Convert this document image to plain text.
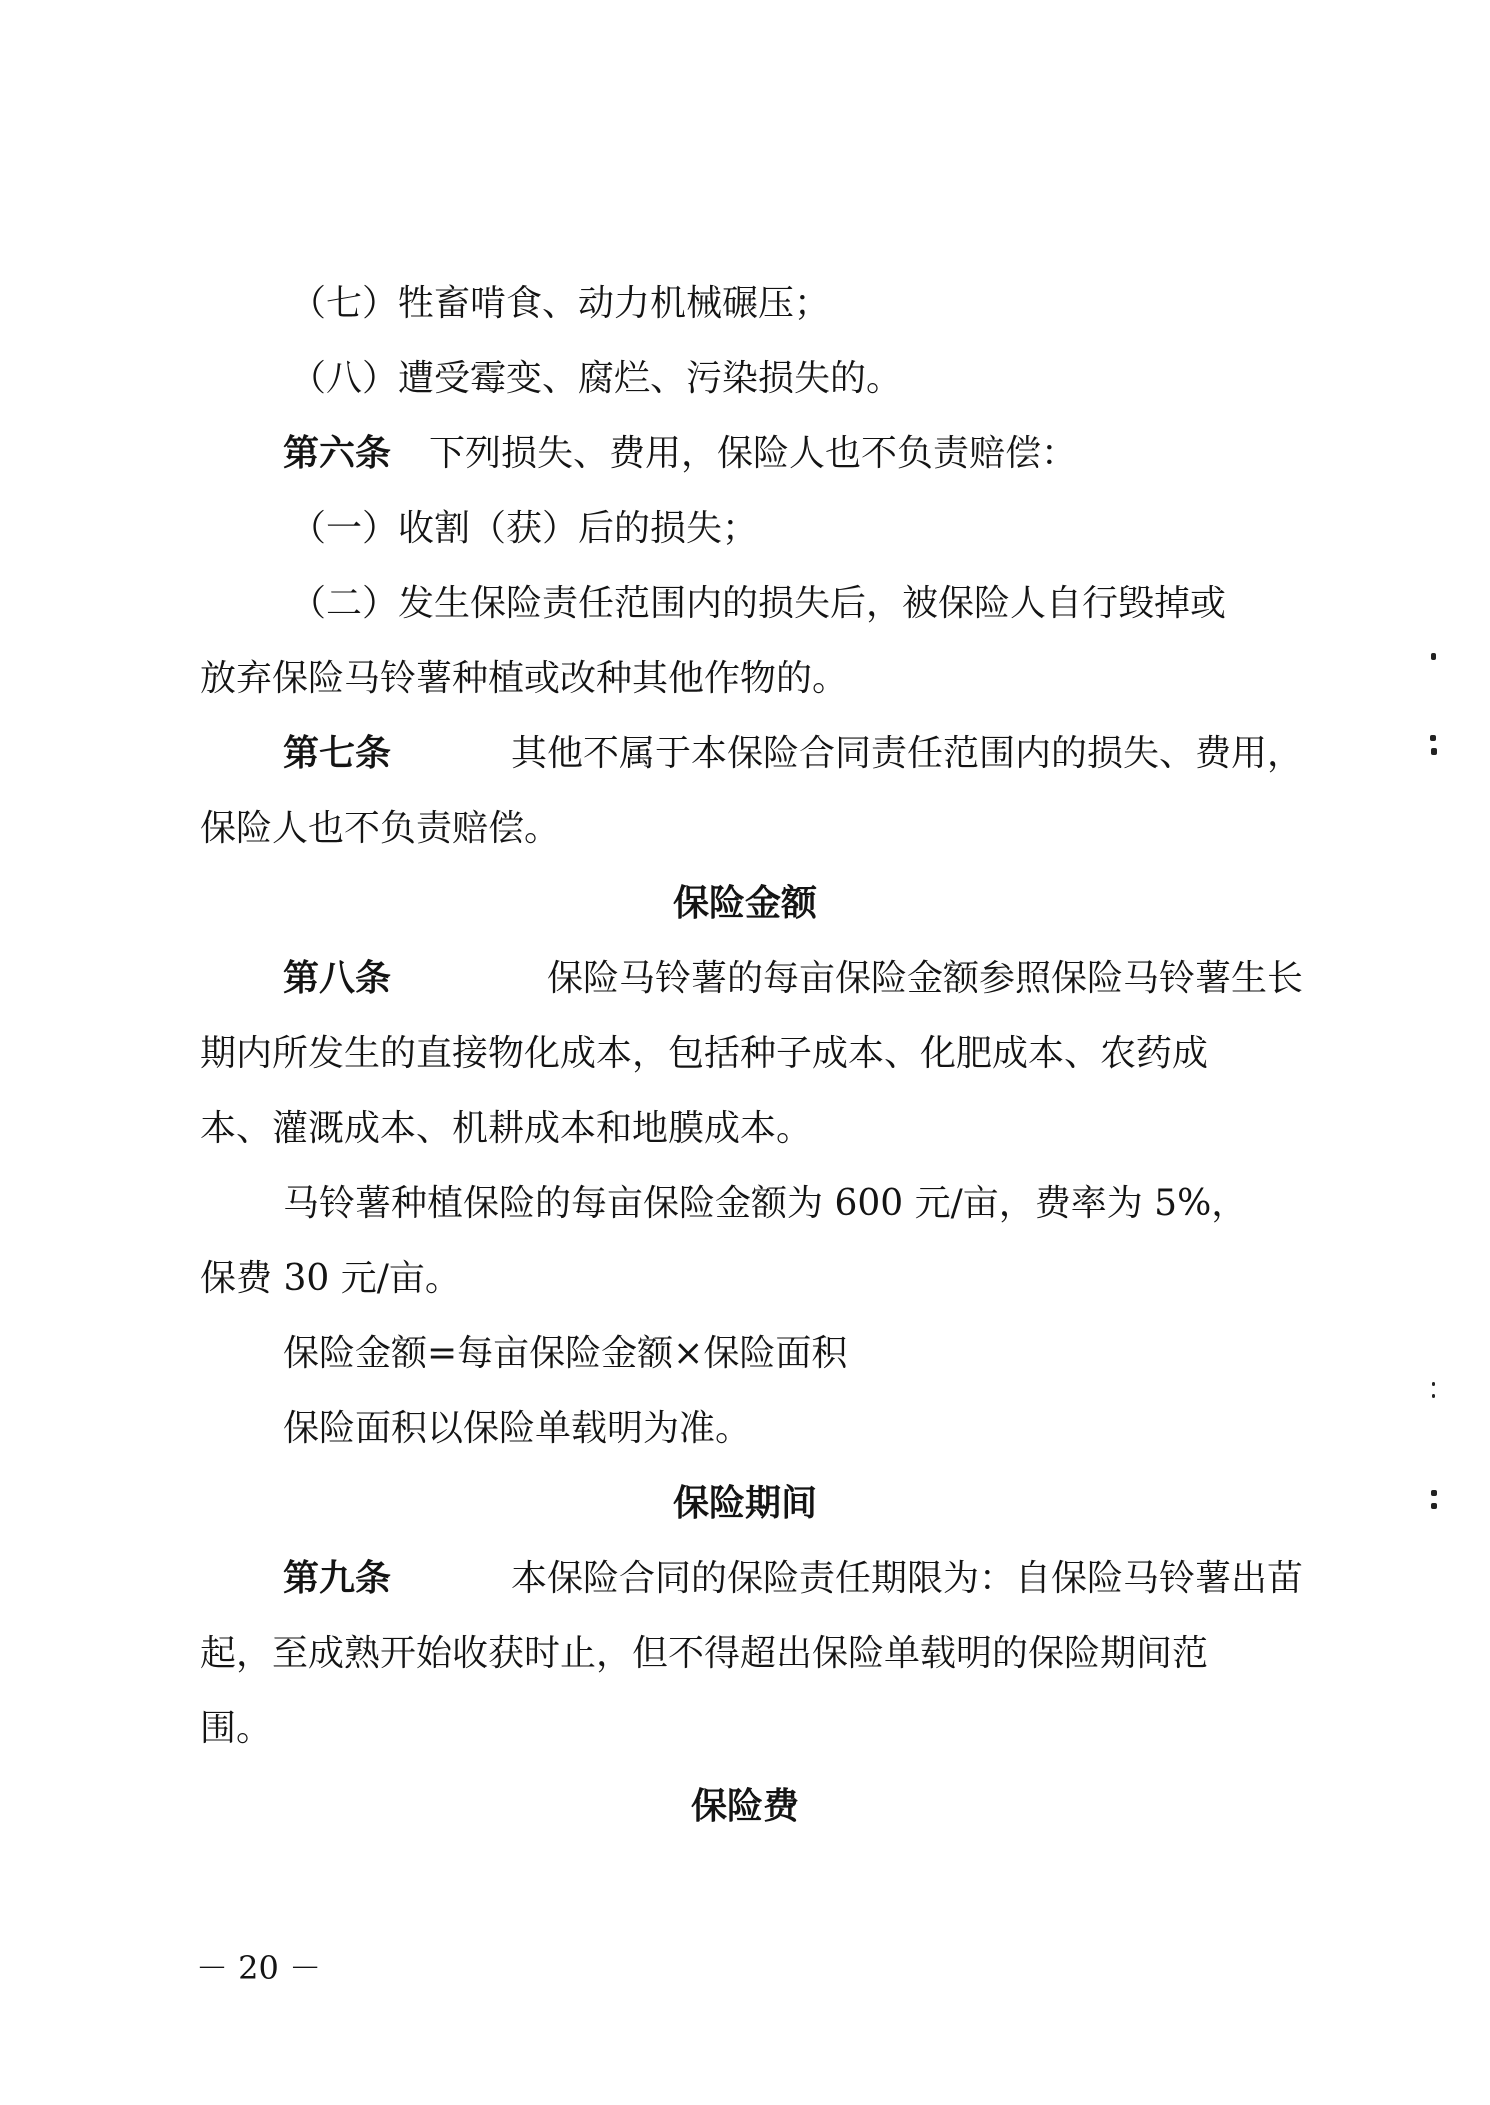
（七）牲畜啃食、动力机械碾压；
（八）遭受霉变、腐烂、污染损失的。
第六条 下列损失、费用，保险人也不负责赔偿：
（一）收割（获）后的损失；
（二）发生保险责任范围内的损失后，被保险人自行毁掉或
放弃保险马铃薯种植或改种其他作物的。
第七条	其他不属于本保险合同责任范围内的损失、费用，
保险人也不负责赔偿。
保险金额
第八条	保险马铃薯的每亩保险金额参照保险马铃薯生长
期内所发生的直接物化成本，包括种子成本、化肥成本、农药成
本、灌溉成本、机耕成本和地膜成本。
马铃薯种植保险的每亩保险金额为 600 元/亩，费率为 5%，
保费 30 元/亩。
保险金额=每亩保险金额×保险面积
保险面积以保险单载明为准。
保险期间
第九条	本保险合同的保险责任期限为：自保险马铃薯出苗
起，至成熟开始收获时止，但不得超出保险单载明的保险期间范
围。
保险费
－ 20 －
